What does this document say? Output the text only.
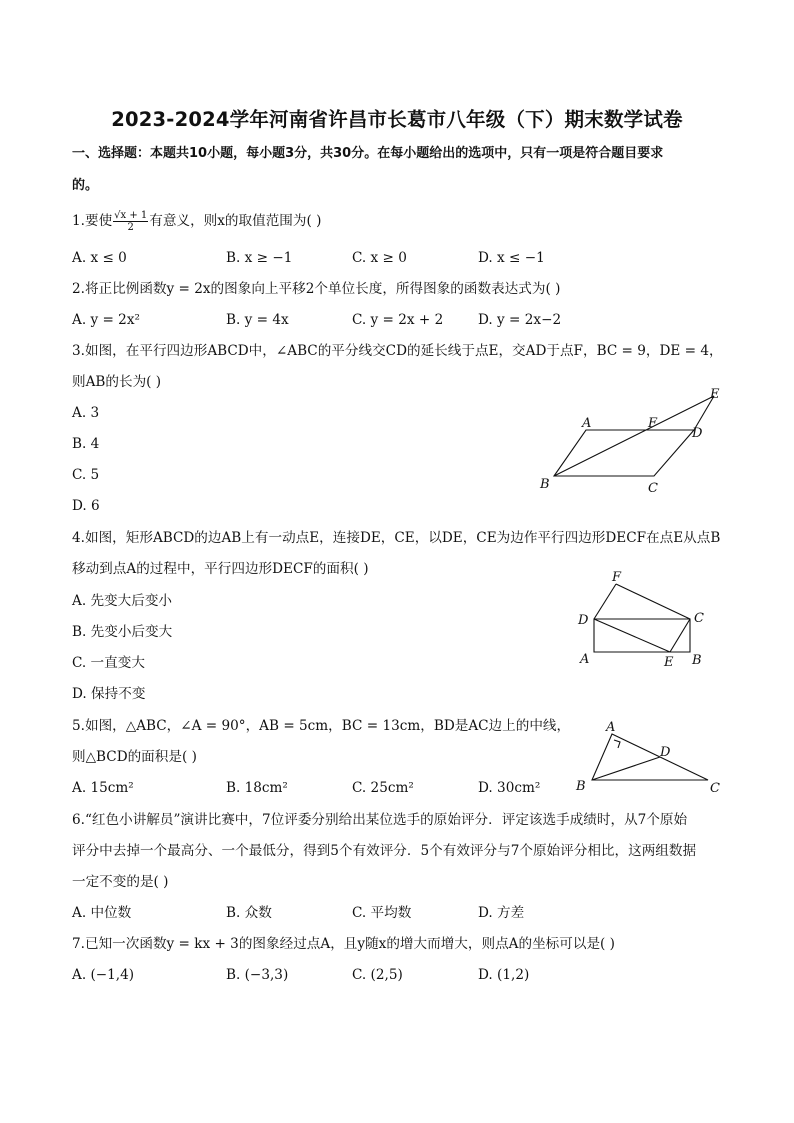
2023-2024学年河南省许昌市长葛市八年级（下）期末数学试卷
一、选择题：本题共10小题，每小题3分，共30分。在每小题给出的选项中，只有一项是符合题目要求
的。
1.要使 $\frac{√x + 1}{2}$ 有意义，则x的取值范围为( )
A. x ≤ 0	B. x ≥ −1	C. x ≥ 0	D. x ≤ −1
2.将正比例函数y = 2x的图象向上平移2个单位长度，所得图象的函数表达式为( )
A. y = 2x²	B. y = 4x	C. y = 2x + 2	D. y = 2x−2
3.如图，在平行四边形ABCD中，∠ABC的平分线交CD的延长线于点E，交AD于点F，BC = 9，DE = 4，
则AB的长为( )
A. 3
B. 4
C. 5
D. 6
A	F
D
E
B	C
4.如图，矩形ABCD的边AB上有一动点E，连接DE，CE，以DE，CE为边作平行四边形DECF在点E从点B
移动到点A的过程中，平行四边形DECF的面积( )
A. 先变大后变小
B. 先变小后变大
C. 一直变大
D. 保持不变
F
D	C
A	E B
5.如图，△ABC，∠A = 90°，AB = 5cm，BC = 13cm，BD是AC边上的中线，
则△BCD的面积是( )
A. 15cm²	B. 18cm²	C. 25cm²	D. 30cm²
A
D
B	C
6.“红色小讲解员”演讲比赛中，7位评委分别给出某位选手的原始评分．评定该选手成绩时，从7个原始
评分中去掉一个最高分、一个最低分，得到5个有效评分．5个有效评分与7个原始评分相比，这两组数据
一定不变的是( )
A. 中位数	B. 众数	C. 平均数	D. 方差
7.已知一次函数y = kx + 3的图象经过点A，且y随x的增大而增大，则点A的坐标可以是( )
A. (−1,4)	B. (−3,3)	C. (2,5)	D. (1,2)
